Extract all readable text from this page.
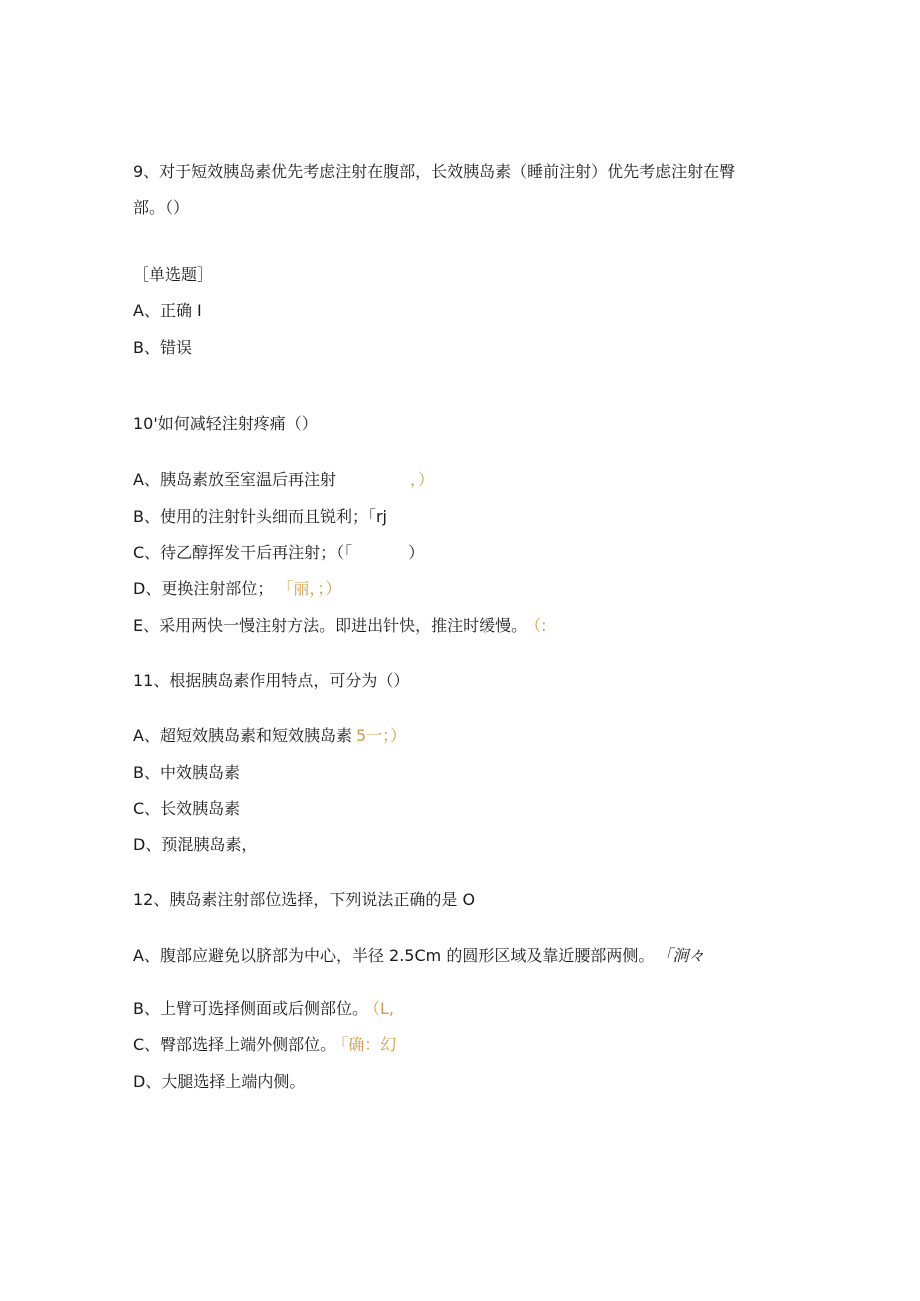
9、对于短效胰岛素优先考虑注射在腹部，长效胰岛素（睡前注射）优先考虑注射在臀
部。（）
［单选题］
A、正确 I
B、错误
10'如何减轻注射疼痛（）
A、胰岛素放至室温后再注射	，）
B、使用的注射针头细而且锐利；「rj
C、待乙醇挥发干后再注射；（「	）
D、更换注射部位； 「丽，；）
E、采用两快一慢注射方法。即进出针快，推注时缓慢。 （:
11、根据胰岛素作用特点，可分为（）
A、超短效胰岛素和短效胰岛素 5一；）
B、中效胰岛素
C、长效胰岛素
D、预混胰岛素，
12、胰岛素注射部位选择，下列说法正确的是 O
A、腹部应避免以脐部为中心，半径 2.5Cm 的圆形区域及靠近腰部两侧。 「涧々
B、上臂可选择侧面或后侧部位。 （L,
C、臀部选择上端外侧部位。 「确：幻
D、大腿选择上端内侧。
